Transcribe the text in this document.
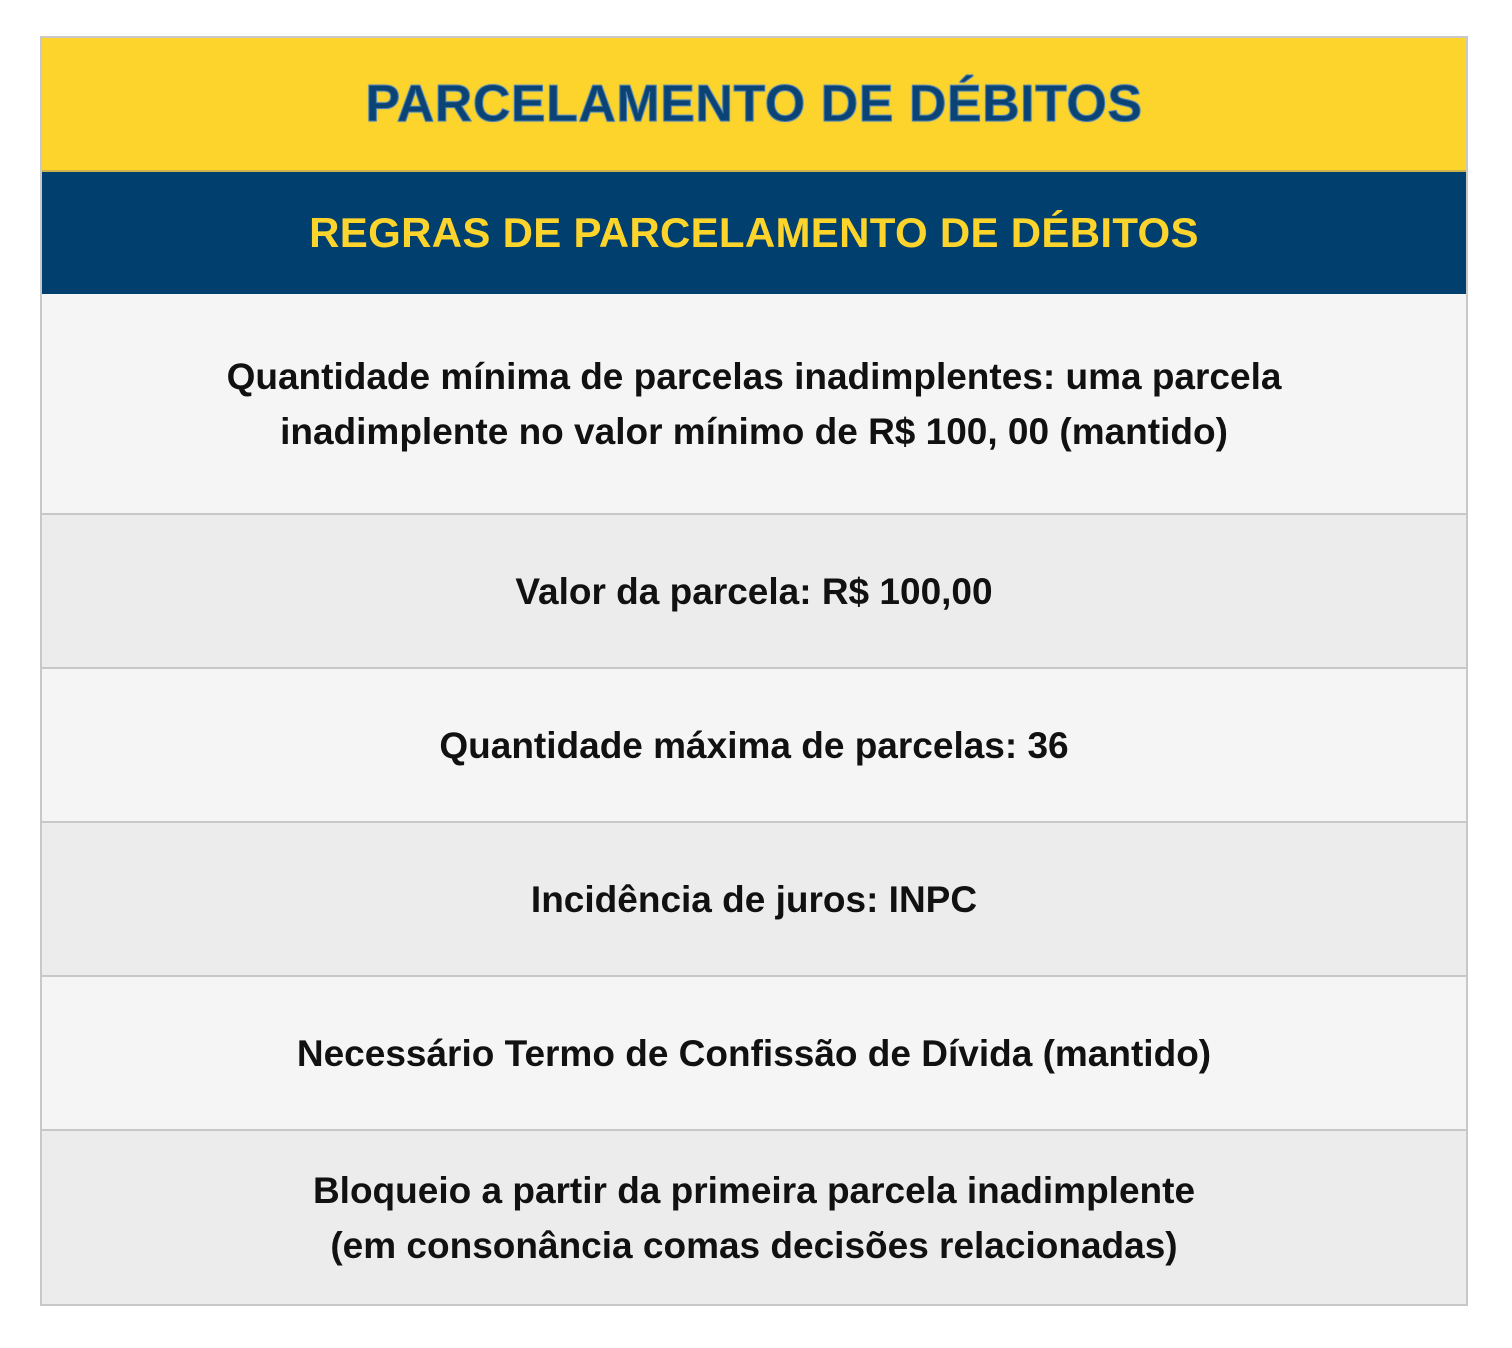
PARCELAMENTO DE DÉBITOS
REGRAS DE PARCELAMENTO DE DÉBITOS
Quantidade mínima de parcelas inadimplentes: uma parcela
inadimplente no valor mínimo de R$ 100, 00 (mantido)
Valor da parcela: R$ 100,00
Quantidade máxima de parcelas: 36
Incidência de juros: INPC
Necessário Termo de Confissão de Dívida (mantido)
Bloqueio a partir da primeira parcela inadimplente
(em consonância comas decisões relacionadas)
